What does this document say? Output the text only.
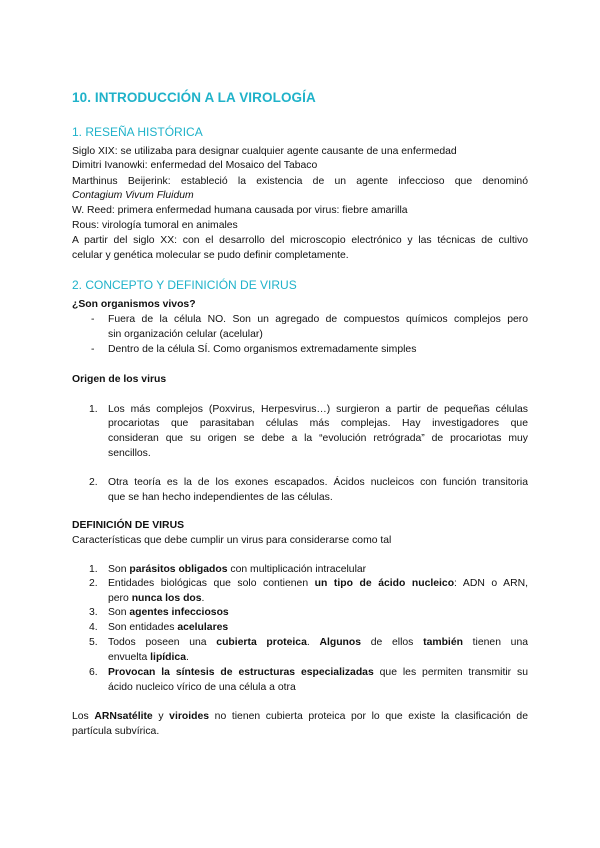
10. INTRODUCCIÓN A LA VIROLOGÍA
1. RESEÑA HISTÓRICA
Siglo XIX: se utilizaba para designar cualquier agente causante de una enfermedad
Dimitri Ivanowki: enfermedad del Mosaico del Tabaco
Marthinus Beijerink: estableció la existencia de un agente infeccioso que denominó
Contagium Vivum Fluidum
W. Reed: primera enfermedad humana causada por virus: fiebre amarilla
Rous: virología tumoral en animales
A partir del siglo XX: con el desarrollo del microscopio electrónico y las técnicas de cultivo
celular y genética molecular se pudo definir completamente.
2. CONCEPTO Y DEFINICIÓN DE VIRUS
¿Son organismos vivos?
- Fuera de la célula NO. Son un agregado de compuestos químicos complejos pero
sin organización celular (acelular)
- Dentro de la célula SÍ. Como organismos extremadamente simples
Origen de los virus
1. Los más complejos (Poxvirus, Herpesvirus…) surgieron a partir de pequeñas células
procariotas que parasitaban células más complejas. Hay investigadores que
consideran que su origen se debe a la “evolución retrógrada” de procariotas muy
sencillos.
2. Otra teoría es la de los exones escapados. Ácidos nucleicos con función transitoria
que se han hecho independientes de las células.
DEFINICIÓN DE VIRUS
Características que debe cumplir un virus para considerarse como tal
1. Son parásitos obligados con multiplicación intracelular
2. Entidades biológicas que solo contienen un tipo de ácido nucleico: ADN o ARN,
pero nunca los dos.
3. Son agentes infecciosos
4. Son entidades acelulares
5. Todos poseen una cubierta proteica. Algunos de ellos también tienen una
envuelta lipídica.
6. Provocan la síntesis de estructuras especializadas que les permiten transmitir su
ácido nucleico vírico de una célula a otra
Los ARNsatélite y viroides no tienen cubierta proteica por lo que existe la clasificación de
partícula subvírica.
